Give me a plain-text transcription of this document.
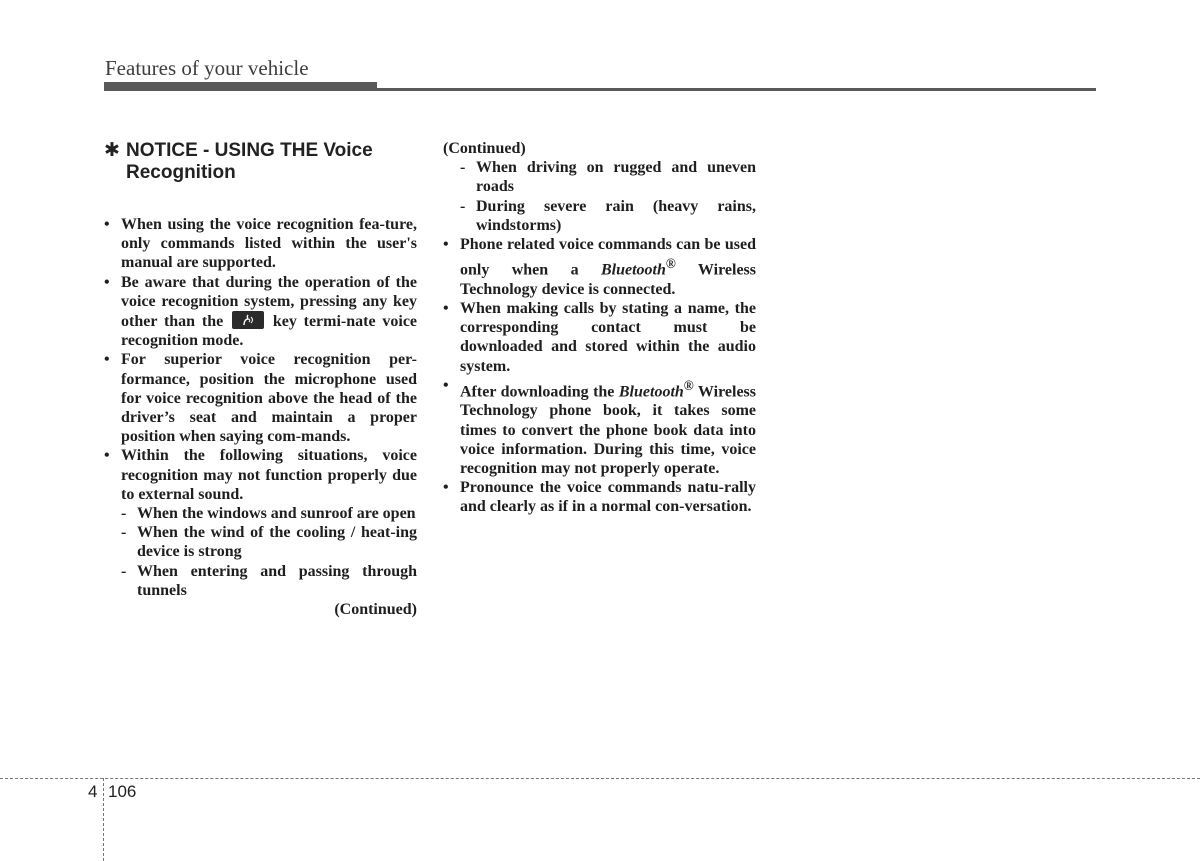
Features of your vehicle
✱ NOTICE - USING THE Voice
Recognition
• When using the voice recognition fea-ture, only commands listed within the user's manual are supported.
• Be aware that during the operation of the voice recognition system, pressing any key other than the	key termi-nate voice recognition mode.
• For superior voice recognition per-formance, position the microphone used for voice recognition above the head of the driver’s seat and maintain a proper position when saying com-mands.
• Within the following situations, voice recognition may not function properly due to external sound.
- When the windows and sunroof are open
- When the wind of the cooling / heat-ing device is strong
- When entering and passing through tunnels
(Continued)
(Continued)
- When driving on rugged and uneven roads
- During severe rain (heavy rains, windstorms)
• Phone related voice commands can be used only when a Bluetooth® Wireless Technology device is connected.
• When making calls by stating a name, the corresponding contact must be downloaded and stored within the audio system.
• After downloading the Bluetooth® Wireless Technology phone book, it takes some times to convert the phone book data into voice information. During this time, voice recognition may not properly operate.
• Pronounce the voice commands natu-rally and clearly as if in a normal con-versation.
4 106
